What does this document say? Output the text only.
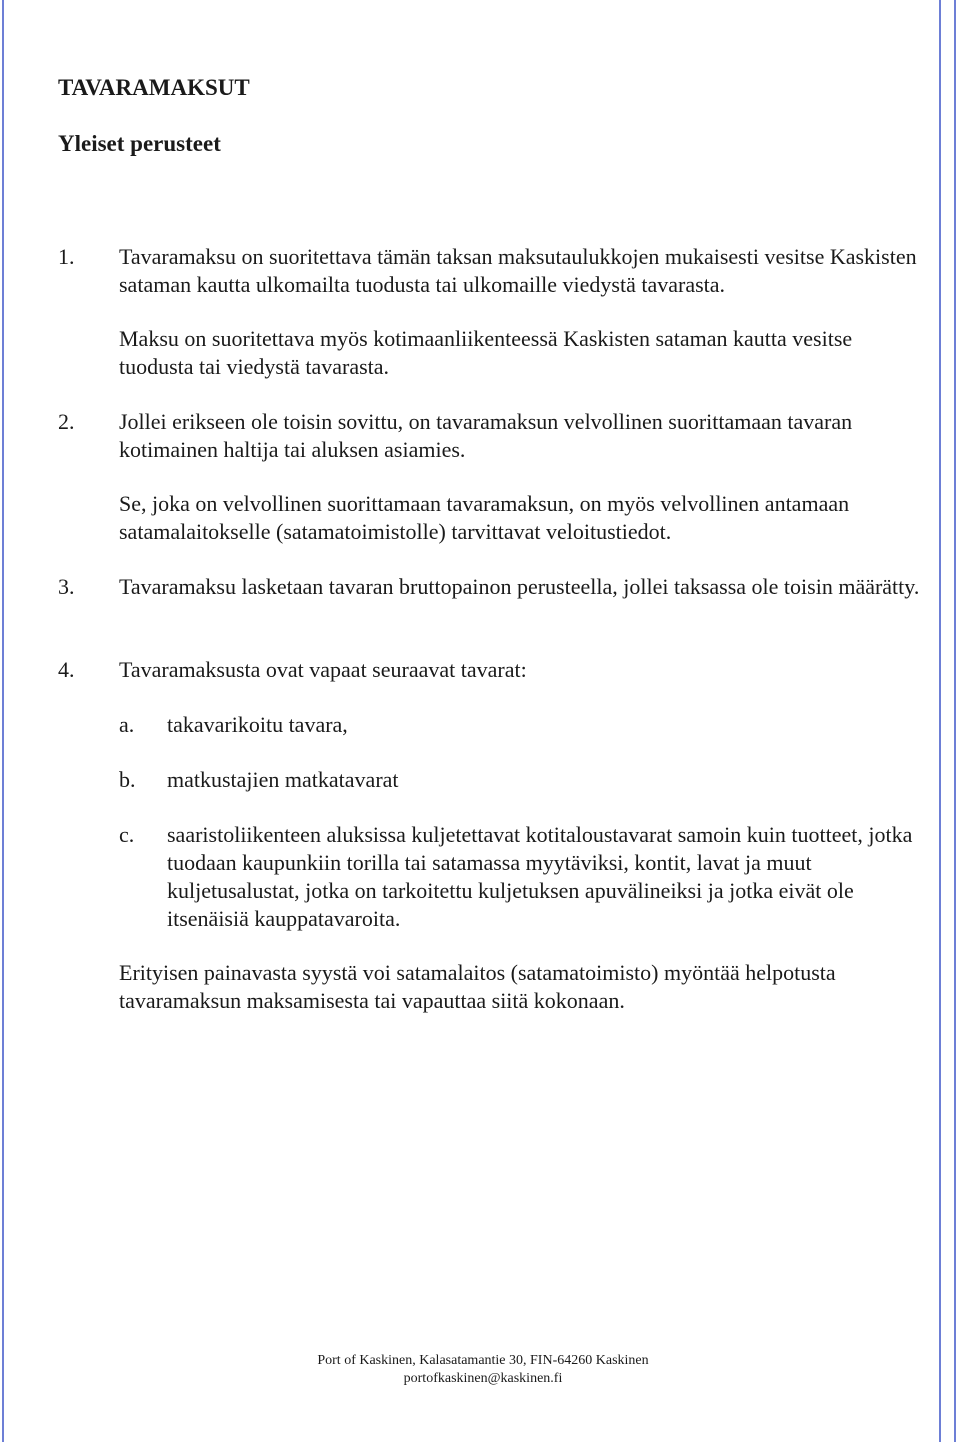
TAVARAMAKSUT
Yleiset perusteet
1. Tavaramaksu on suoritettava tämän taksan maksutaulukkojen mukaisesti vesitse Kaskisten sataman kautta ulkomailta tuodusta tai ulkomaille viedystä tavarasta.

Maksu on suoritettava myös kotimaanliikenteessä Kaskisten sataman kautta vesitse tuodusta tai viedystä tavarasta.

2. Jollei erikseen ole toisin sovittu, on tavaramaksun velvollinen suorittamaan tavaran kotimainen haltija tai aluksen asiamies.

Se, joka on velvollinen suorittamaan tavaramaksun, on myös velvollinen antamaan satamalaitokselle (satamatoimistolle) tarvittavat veloitustiedot.

3. Tavaramaksu lasketaan tavaran bruttopainon perusteella, jollei taksassa ole toisin määrätty.

4. Tavaramaksusta ovat vapaat seuraavat tavarat:

a. takavarikoitu tavara,

b. matkustajien matkatavarat

c. saaristoliikenteen aluksissa kuljetettavat kotitaloustavarat samoin kuin tuotteet, jotka tuodaan kaupunkiin torilla tai satamassa myytäviksi, kontit, lavat ja muut kuljetusalustat, jotka on tarkoitettu kuljetuksen apuvälineiksi ja jotka eivät ole itsenäisiä kauppatavaroita.

Erityisen painavasta syystä voi satamalaitos (satamatoimisto) myöntää helpotusta tavaramaksun maksamisesta tai vapauttaa siitä kokonaan.

Port of Kaskinen, Kalasatamantie 30, FIN-64260 Kaskinen
portofkaskinen@kaskinen.fi
